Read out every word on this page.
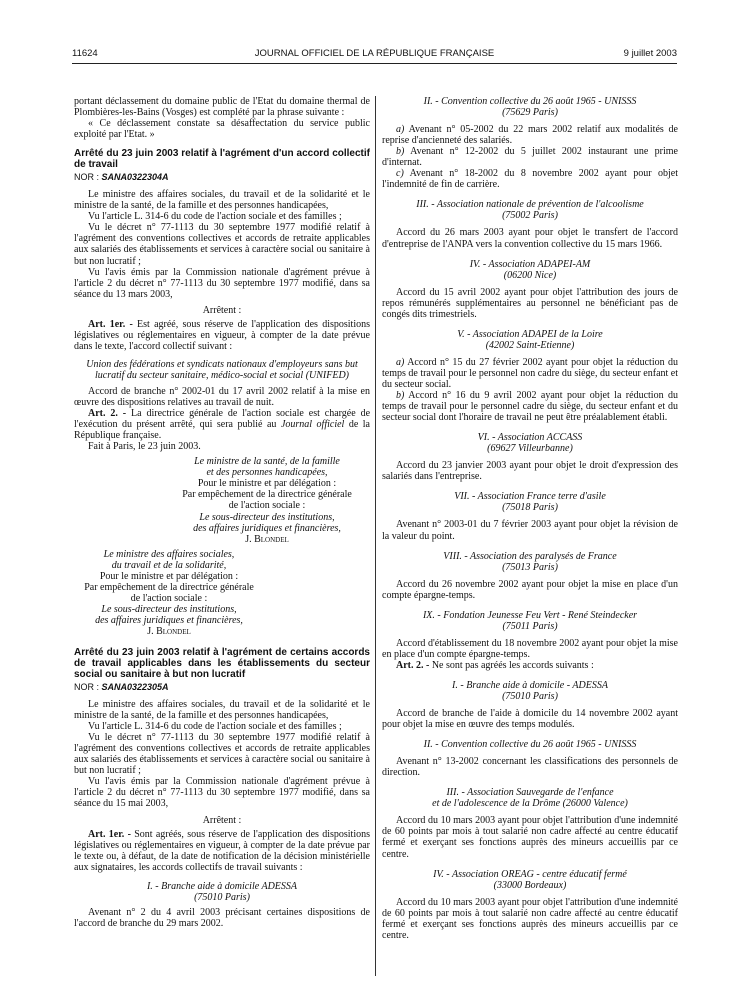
11624	JOURNAL OFFICIEL DE LA RÉPUBLIQUE FRANÇAISE	9 juillet 2003

portant déclassement du domaine public de l'Etat du domaine thermal de Plombières-les-Bains (Vosges) est complété par la phrase suivante :

« Ce déclassement constate sa désaffectation du service public exploité par l'Etat. »

Arrêté du 23 juin 2003 relatif à l'agrément d'un accord collectif de travail

NOR : SANA0322304A

Le ministre des affaires sociales, du travail et de la solidarité et le ministre de la santé, de la famille et des personnes handicapées,

Vu l'article L. 314-6 du code de l'action sociale et des familles ;

Vu le décret n° 77-1113 du 30 septembre 1977 modifié relatif à l'agrément des conventions collectives et accords de retraite applicables aux salariés des établissements et services à caractère social ou sanitaire à but non lucratif ;

Vu l'avis émis par la Commission nationale d'agrément prévue à l'article 2 du décret n° 77-1113 du 30 septembre 1977 modifié, dans sa séance du 13 mars 2003,

Arrêtent :

Art. 1er. - Est agréé, sous réserve de l'application des dispositions législatives ou réglementaires en vigueur, à compter de la date prévue dans le texte, l'accord collectif suivant :

Union des fédérations et syndicats nationaux d'employeurs sans but lucratif du secteur sanitaire, médico-social et social (UNIFED)

Accord de branche n° 2002-01 du 17 avril 2002 relatif à la mise en œuvre des dispositions relatives au travail de nuit.

Art. 2. - La directrice générale de l'action sociale est chargée de l'exécution du présent arrêté, qui sera publié au Journal officiel de la République française.

Fait à Paris, le 23 juin 2003.

Le ministre de la santé, de la famille

et des personnes handicapées,

Pour le ministre et par délégation :

Par empêchement de la directrice générale

de l'action sociale :

Le sous-directeur des institutions,

des affaires juridiques et financières,

J. Blondel

Le ministre des affaires sociales,

du travail et de la solidarité,

Pour le ministre et par délégation :

Par empêchement de la directrice générale

de l'action sociale :

Le sous-directeur des institutions,

des affaires juridiques et financières,

J. Blondel

Arrêté du 23 juin 2003 relatif à l'agrément de certains accords de travail applicables dans les établissements du secteur social ou sanitaire à but non lucratif

NOR : SANA0322305A

Le ministre des affaires sociales, du travail et de la solidarité et le ministre de la santé, de la famille et des personnes handicapées,

Vu l'article L. 314-6 du code de l'action sociale et des familles ;

Vu le décret n° 77-1113 du 30 septembre 1977 modifié relatif à l'agrément des conventions collectives et accords de retraite applicables aux salariés des établissements et services à caractère social ou sanitaire à but non lucratif ;

Vu l'avis émis par la Commission nationale d'agrément prévue à l'article 2 du décret n° 77-1113 du 30 septembre 1977 modifié, dans sa séance du 15 mai 2003,

Arrêtent :

Art. 1er. - Sont agréés, sous réserve de l'application des dispositions législatives ou réglementaires en vigueur, à compter de la date prévue par le texte ou, à défaut, de la date de notification de la décision ministérielle aux signataires, les accords collectifs de travail suivants :

I. - Branche aide à domicile ADESSA

(75010 Paris)

Avenant n° 2 du 4 avril 2003 précisant certaines dispositions de l'accord de branche du 29 mars 2002.

II. - Convention collective du 26 août 1965 - UNISSS

(75629 Paris)

a) Avenant n° 05-2002 du 22 mars 2002 relatif aux modalités de reprise d'ancienneté des salariés.

b) Avenant n° 12-2002 du 5 juillet 2002 instaurant une prime d'internat.

c) Avenant n° 18-2002 du 8 novembre 2002 ayant pour objet l'indemnité de fin de carrière.

III. - Association nationale de prévention de l'alcoolisme

(75002 Paris)

Accord du 26 mars 2003 ayant pour objet le transfert de l'accord d'entreprise de l'ANPA vers la convention collective du 15 mars 1966.

IV. - Association ADAPEI-AM

(06200 Nice)

Accord du 15 avril 2002 ayant pour objet l'attribution des jours de repos rémunérés supplémentaires au personnel ne bénéficiant pas de congés dits trimestriels.

V. - Association ADAPEI de la Loire

(42002 Saint-Etienne)

a) Accord n° 15 du 27 février 2002 ayant pour objet la réduction du temps de travail pour le personnel non cadre du siège, du secteur enfant et du secteur social.

b) Accord n° 16 du 9 avril 2002 ayant pour objet la réduction du temps de travail pour le personnel cadre du siège, du secteur enfant et du secteur social dont l'horaire de travail ne peut être préalablement établi.

VI. - Association ACCASS

(69627 Villeurbanne)

Accord du 23 janvier 2003 ayant pour objet le droit d'expression des salariés dans l'entreprise.

VII. - Association France terre d'asile

(75018 Paris)

Avenant n° 2003-01 du 7 février 2003 ayant pour objet la révision de la valeur du point.

VIII. - Association des paralysés de France

(75013 Paris)

Accord du 26 novembre 2002 ayant pour objet la mise en place d'un compte épargne-temps.

IX. - Fondation Jeunesse Feu Vert - René Steindecker

(75011 Paris)

Accord d'établissement du 18 novembre 2002 ayant pour objet la mise en place d'un compte épargne-temps.

Art. 2. - Ne sont pas agréés les accords suivants :

I. - Branche aide à domicile - ADESSA

(75010 Paris)

Accord de branche de l'aide à domicile du 14 novembre 2002 ayant pour objet la mise en œuvre des temps modulés.

II. - Convention collective du 26 août 1965 - UNISSS

Avenant n° 13-2002 concernant les classifications des personnels de direction.

III. - Association Sauvegarde de l'enfance

et de l'adolescence de la Drôme (26000 Valence)

Accord du 10 mars 2003 ayant pour objet l'attribution d'une indemnité de 60 points par mois à tout salarié non cadre affecté au centre éducatif fermé et exerçant ses fonctions auprès des mineurs accueillis par ce centre.

IV. - Association OREAG - centre éducatif fermé

(33000 Bordeaux)

Accord du 10 mars 2003 ayant pour objet l'attribution d'une indemnité de 60 points par mois à tout salarié non cadre affecté au centre éducatif fermé et exerçant ses fonctions auprès des mineurs accueillis par ce centre.
